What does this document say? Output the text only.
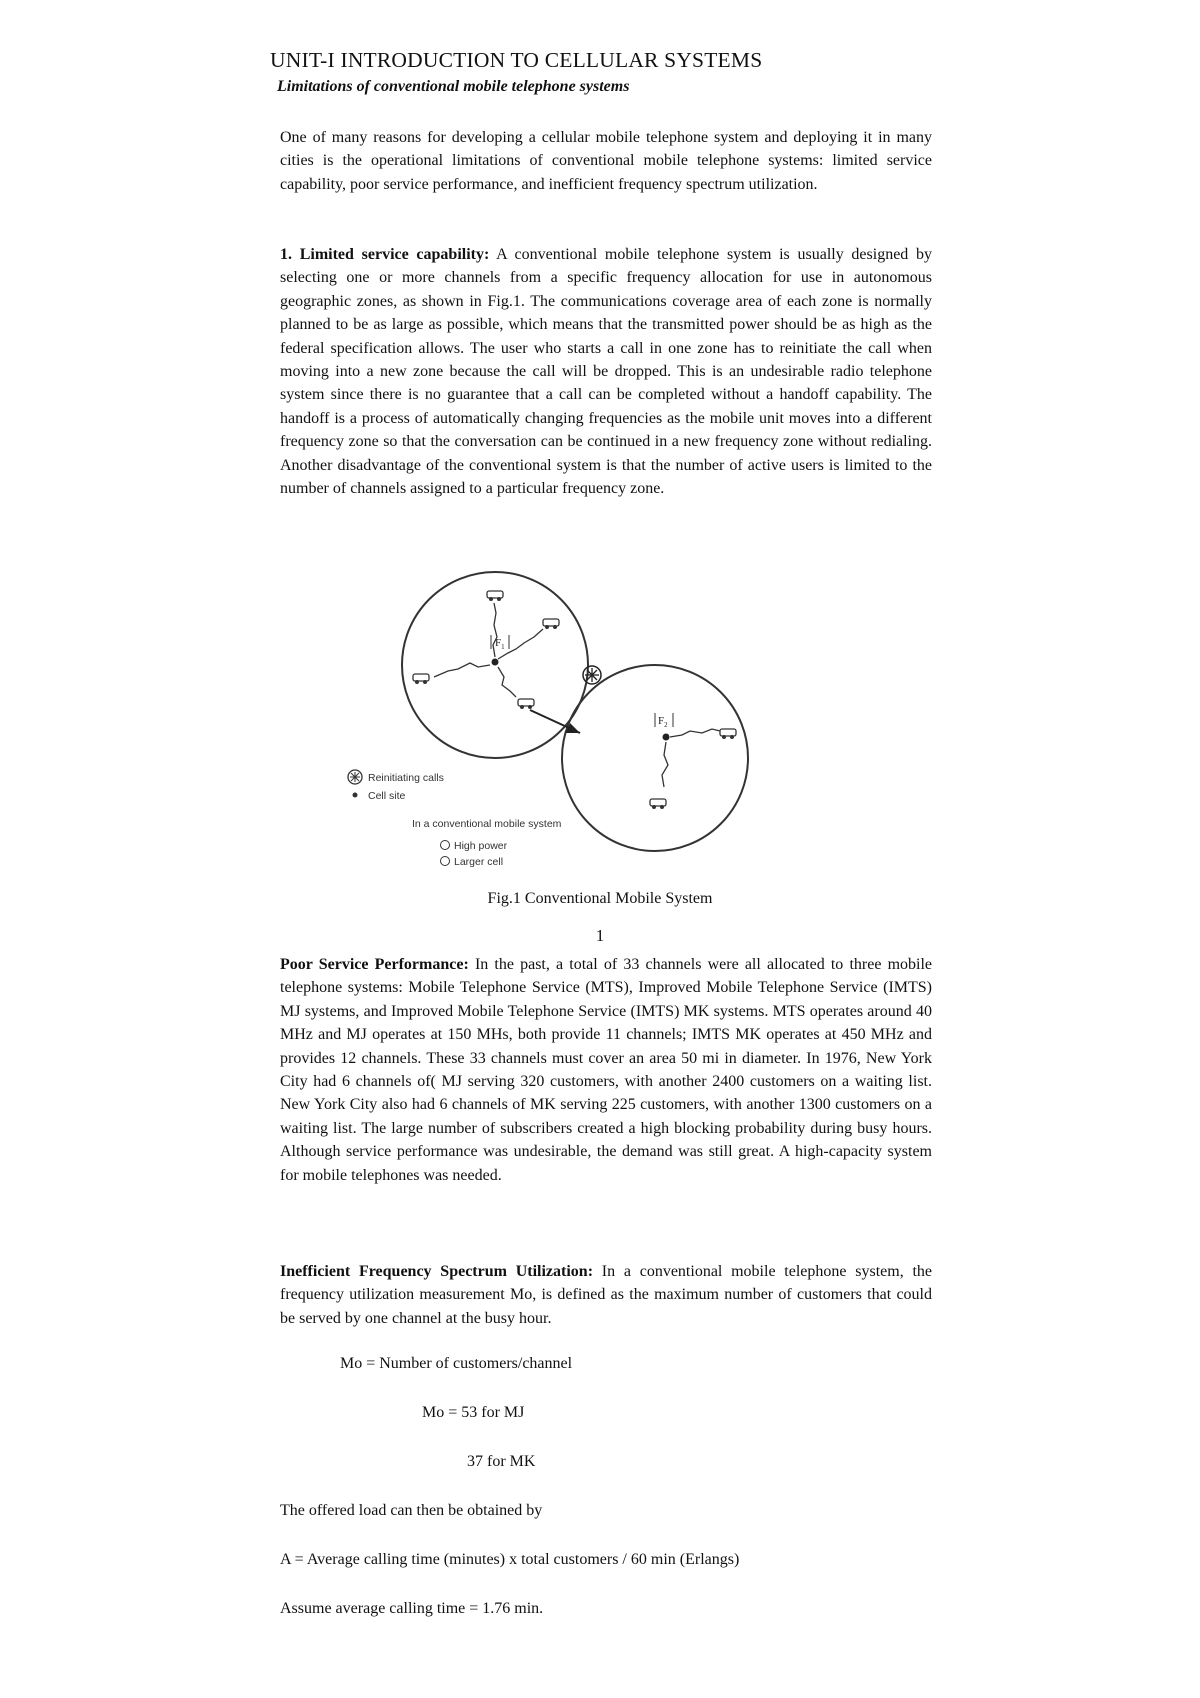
UNIT-I INTRODUCTION TO CELLULAR SYSTEMS
Limitations of conventional mobile telephone systems
One of many reasons for developing a cellular mobile telephone system and deploying it in many cities is the operational limitations of conventional mobile telephone systems: limited service capability, poor service performance, and inefficient frequency spectrum utilization.
1. Limited service capability: A conventional mobile telephone system is usually designed by selecting one or more channels from a specific frequency allocation for use in autonomous geographic zones, as shown in Fig.1. The communications coverage area of each zone is normally planned to be as large as possible, which means that the transmitted power should be as high as the federal specification allows. The user who starts a call in one zone has to reinitiate the call when moving into a new zone because the call will be dropped. This is an undesirable radio telephone system since there is no guarantee that a call can be completed without a handoff capability. The handoff is a process of automatically changing frequencies as the mobile unit moves into a different frequency zone so that the conversation can be continued in a new frequency zone without redialing. Another disadvantage of the conventional system is that the number of active users is limited to the number of channels assigned to a particular frequency zone.
$F_1$
$F_2$
Reinitiating calls
Cell site
In a conventional mobile system
High power
Larger cell
Fig.1 Conventional Mobile System
1
Poor Service Performance: In the past, a total of 33 channels were all allocated to three mobile telephone systems: Mobile Telephone Service (MTS), Improved Mobile Telephone Service (IMTS) MJ systems, and Improved Mobile Telephone Service (IMTS) MK systems. MTS operates around 40 MHz and MJ operates at 150 MHs, both provide 11 channels; IMTS MK operates at 450 MHz and provides 12 channels. These 33 channels must cover an area 50 mi in diameter. In 1976, New York City had 6 channels of( MJ serving 320 customers, with another 2400 customers on a waiting list. New York City also had 6 channels of MK serving 225 customers, with another 1300 customers on a waiting list. The large number of subscribers created a high blocking probability during busy hours. Although service performance was undesirable, the demand was still great. A high-capacity system for mobile telephones was needed.
Inefficient Frequency Spectrum Utilization: In a conventional mobile telephone system, the frequency utilization measurement Mo, is defined as the maximum number of customers that could be served by one channel at the busy hour.
Mo = Number of customers/channel
Mo = 53 for MJ
37 for MK
The offered load can then be obtained by
A = Average calling time (minutes) x total customers / 60 min (Erlangs)
Assume average calling time = 1.76 min.
